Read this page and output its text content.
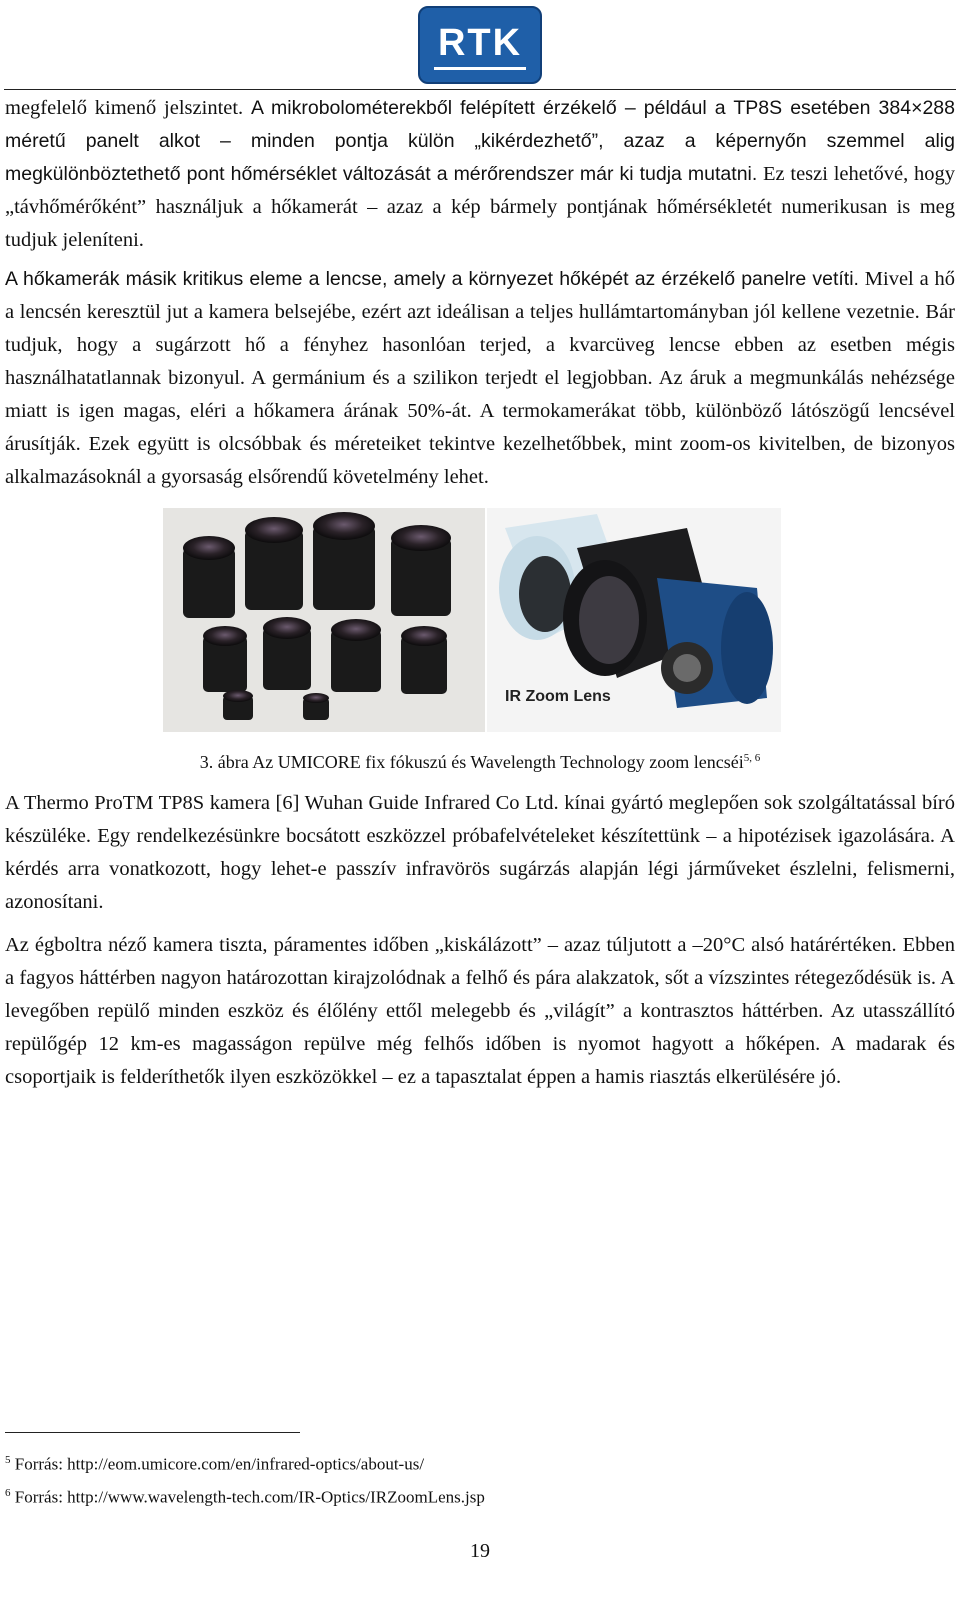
RTK

megfelelő kimenő jelszintet. A mikrobolométerekből felépített érzékelő – például a TP8S esetében 384×288 méretű panelt alkot – minden pontja külön „kikérdezhető”, azaz a képernyőn szemmel alig megkülönböztethető pont hőmérséklet változását a mérőrendszer már ki tudja mutatni. Ez teszi lehetővé, hogy „távhőmérőként” használjuk a hőkamerát – azaz a kép bármely pontjának hőmérsékletét numerikusan is meg tudjuk jeleníteni.

A hőkamerák másik kritikus eleme a lencse, amely a környezet hőképét az érzékelő panelre vetíti. Mivel a hő a lencsén keresztül jut a kamera belsejébe, ezért azt ideálisan a teljes hullámtartományban jól kellene vezetnie. Bár tudjuk, hogy a sugárzott hő a fényhez hasonlóan terjed, a kvarcüveg lencse ebben az esetben mégis használhatatlannak bizonyul. A germánium és a szilikon terjedt el legjobban. Az áruk a megmunkálás nehézsége miatt is igen magas, eléri a hőkamera árának 50%-át. A termokamerákat több, különböző látószögű lencsével árusítják. Ezek együtt is olcsóbbak és méreteiket tekintve kezelhetőbbek, mint zoom-os kivitelben, de bizonyos alkalmazásoknál a gyorsaság elsőrendű követelmény lehet.

IR Zoom Lens
3. ábra Az UMICORE fix fókuszú és Wavelength Technology zoom lencséi$^{5, 6}$

A Thermo ProTM TP8S kamera [6] Wuhan Guide Infrared Co Ltd. kínai gyártó meglepően sok szolgáltatással bíró készüléke. Egy rendelkezésünkre bocsátott eszközzel próbafelvételeket készítettünk – a hipotézisek igazolására. A kérdés arra vonatkozott, hogy lehet-e passzív infravörös sugárzás alapján légi járműveket észlelni, felismerni, azonosítani.

Az égboltra néző kamera tiszta, páramentes időben „kiskálázott” – azaz túljutott a –20°C alsó határértéken. Ebben a fagyos háttérben nagyon határozottan kirajzolódnak a felhő és pára alakzatok, sőt a vízszintes rétegeződésük is. A levegőben repülő minden eszköz és élőlény ettől melegebb és „világít” a kontrasztos háttérben. Az utasszállító repülőgép 12 km-es magasságon repülve még felhős időben is nyomot hagyott a hőképen. A madarak és csoportjaik is felderíthetők ilyen eszközökkel – ez a tapasztalat éppen a hamis riasztás elkerülésére jó.

$^5$ Forrás: http://eom.umicore.com/en/infrared-optics/about-us/
$^6$ Forrás: http://www.wavelength-tech.com/IR-Optics/IRZoomLens.jsp
19
